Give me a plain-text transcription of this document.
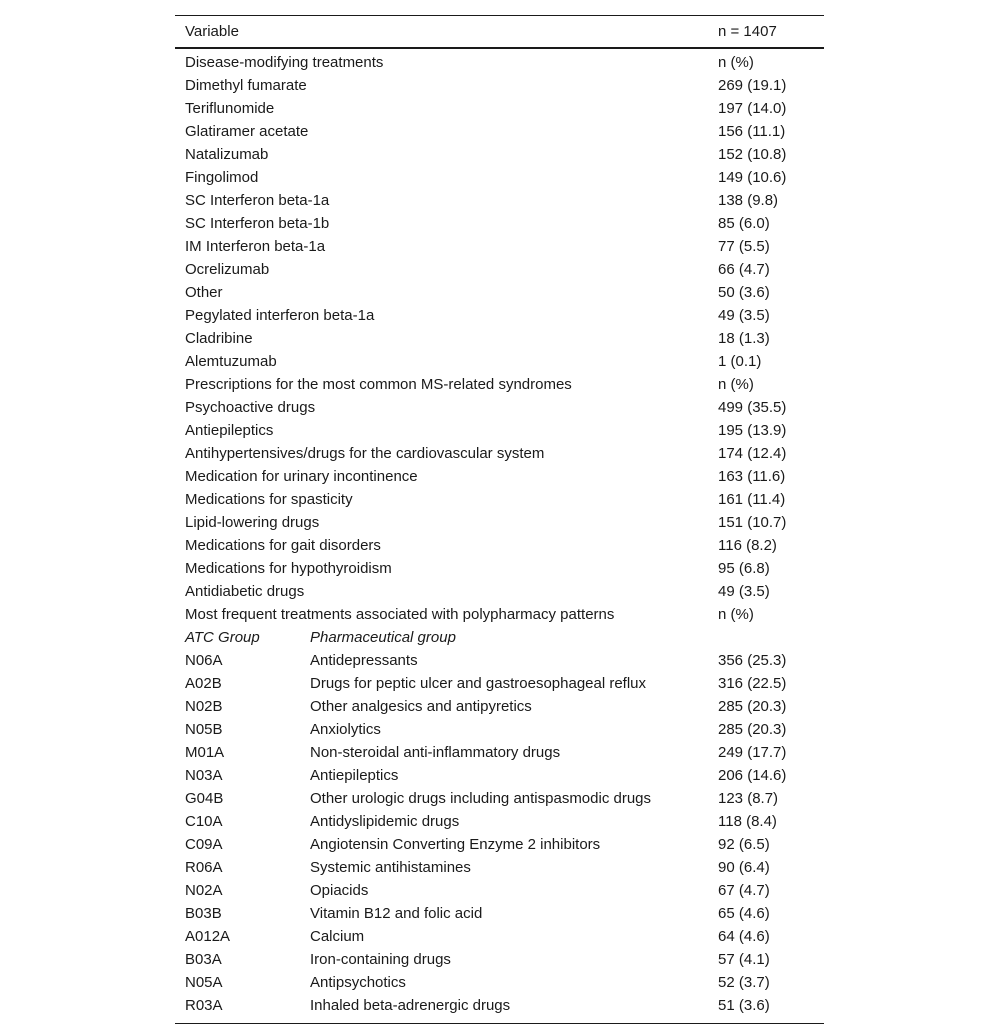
Variable	n = 1407
Disease-modifying treatments	n (%)
Dimethyl fumarate	269 (19.1)
Teriflunomide	197 (14.0)
Glatiramer acetate	156 (11.1)
Natalizumab	152 (10.8)
Fingolimod	149 (10.6)
SC Interferon beta-1a	138 (9.8)
SC Interferon beta-1b	85 (6.0)
IM Interferon beta-1a	77 (5.5)
Ocrelizumab	66 (4.7)
Other	50 (3.6)
Pegylated interferon beta-1a	49 (3.5)
Cladribine	18 (1.3)
Alemtuzumab	1 (0.1)
Prescriptions for the most common MS-related syndromes	n (%)
Psychoactive drugs	499 (35.5)
Antiepileptics	195 (13.9)
Antihypertensives/drugs for the cardiovascular system	174 (12.4)
Medication for urinary incontinence	163 (11.6)
Medications for spasticity	161 (11.4)
Lipid-lowering drugs	151 (10.7)
Medications for gait disorders	116 (8.2)
Medications for hypothyroidism	95 (6.8)
Antidiabetic drugs	49 (3.5)
Most frequent treatments associated with polypharmacy patterns	n (%)
ATC Group	Pharmaceutical group
N06A	Antidepressants	356 (25.3)
A02B	Drugs for peptic ulcer and gastroesophageal reflux	316 (22.5)
N02B	Other analgesics and antipyretics	285 (20.3)
N05B	Anxiolytics	285 (20.3)
M01A	Non-steroidal anti-inflammatory drugs	249 (17.7)
N03A	Antiepileptics	206 (14.6)
G04B	Other urologic drugs including antispasmodic drugs	123 (8.7)
C10A	Antidyslipidemic drugs	118 (8.4)
C09A	Angiotensin Converting Enzyme 2 inhibitors	92 (6.5)
R06A	Systemic antihistamines	90 (6.4)
N02A	Opiacids	67 (4.7)
B03B	Vitamin B12 and folic acid	65 (4.6)
A012A	Calcium	64 (4.6)
B03A	Iron-containing drugs	57 (4.1)
N05A	Antipsychotics	52 (3.7)
R03A	Inhaled beta-adrenergic drugs	51 (3.6)
